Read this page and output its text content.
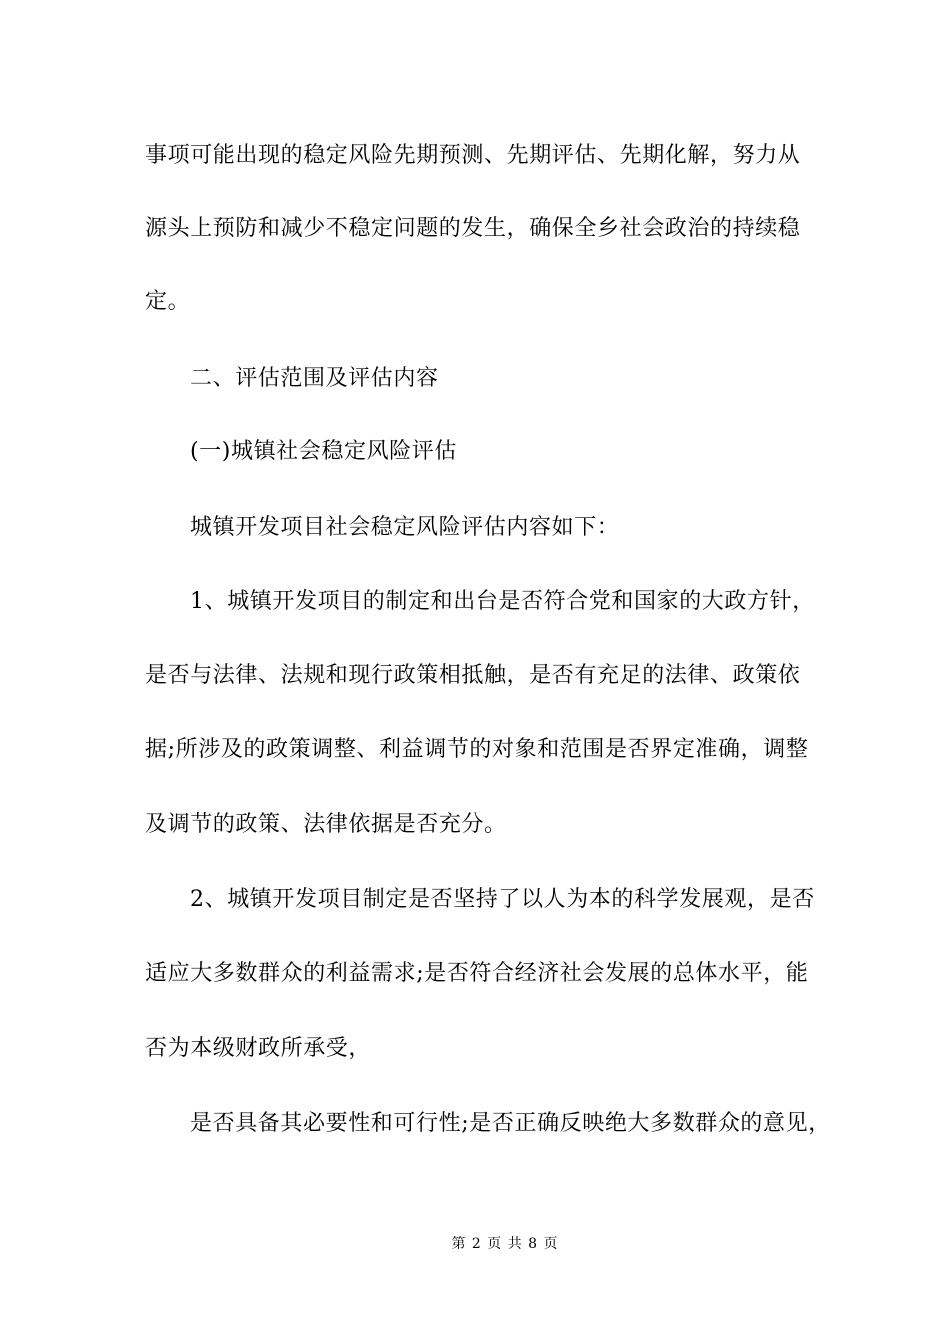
事项可能出现的稳定风险先期预测、先期评估、先期化解，努力从
源头上预防和减少不稳定问题的发生，确保全乡社会政治的持续稳
定。
二、评估范围及评估内容
(一)城镇社会稳定风险评估
城镇开发项目社会稳定风险评估内容如下：
1、城镇开发项目的制定和出台是否符合党和国家的大政方针，
是否与法律、法规和现行政策相抵触，是否有充足的法律、政策依
据;所涉及的政策调整、利益调节的对象和范围是否界定准确，调整
及调节的政策、法律依据是否充分。
2、城镇开发项目制定是否坚持了以人为本的科学发展观，是否
适应大多数群众的利益需求;是否符合经济社会发展的总体水平，能
否为本级财政所承受，
是否具备其必要性和可行性;是否正确反映绝大多数群众的意见，
第 2 页 共 8 页
